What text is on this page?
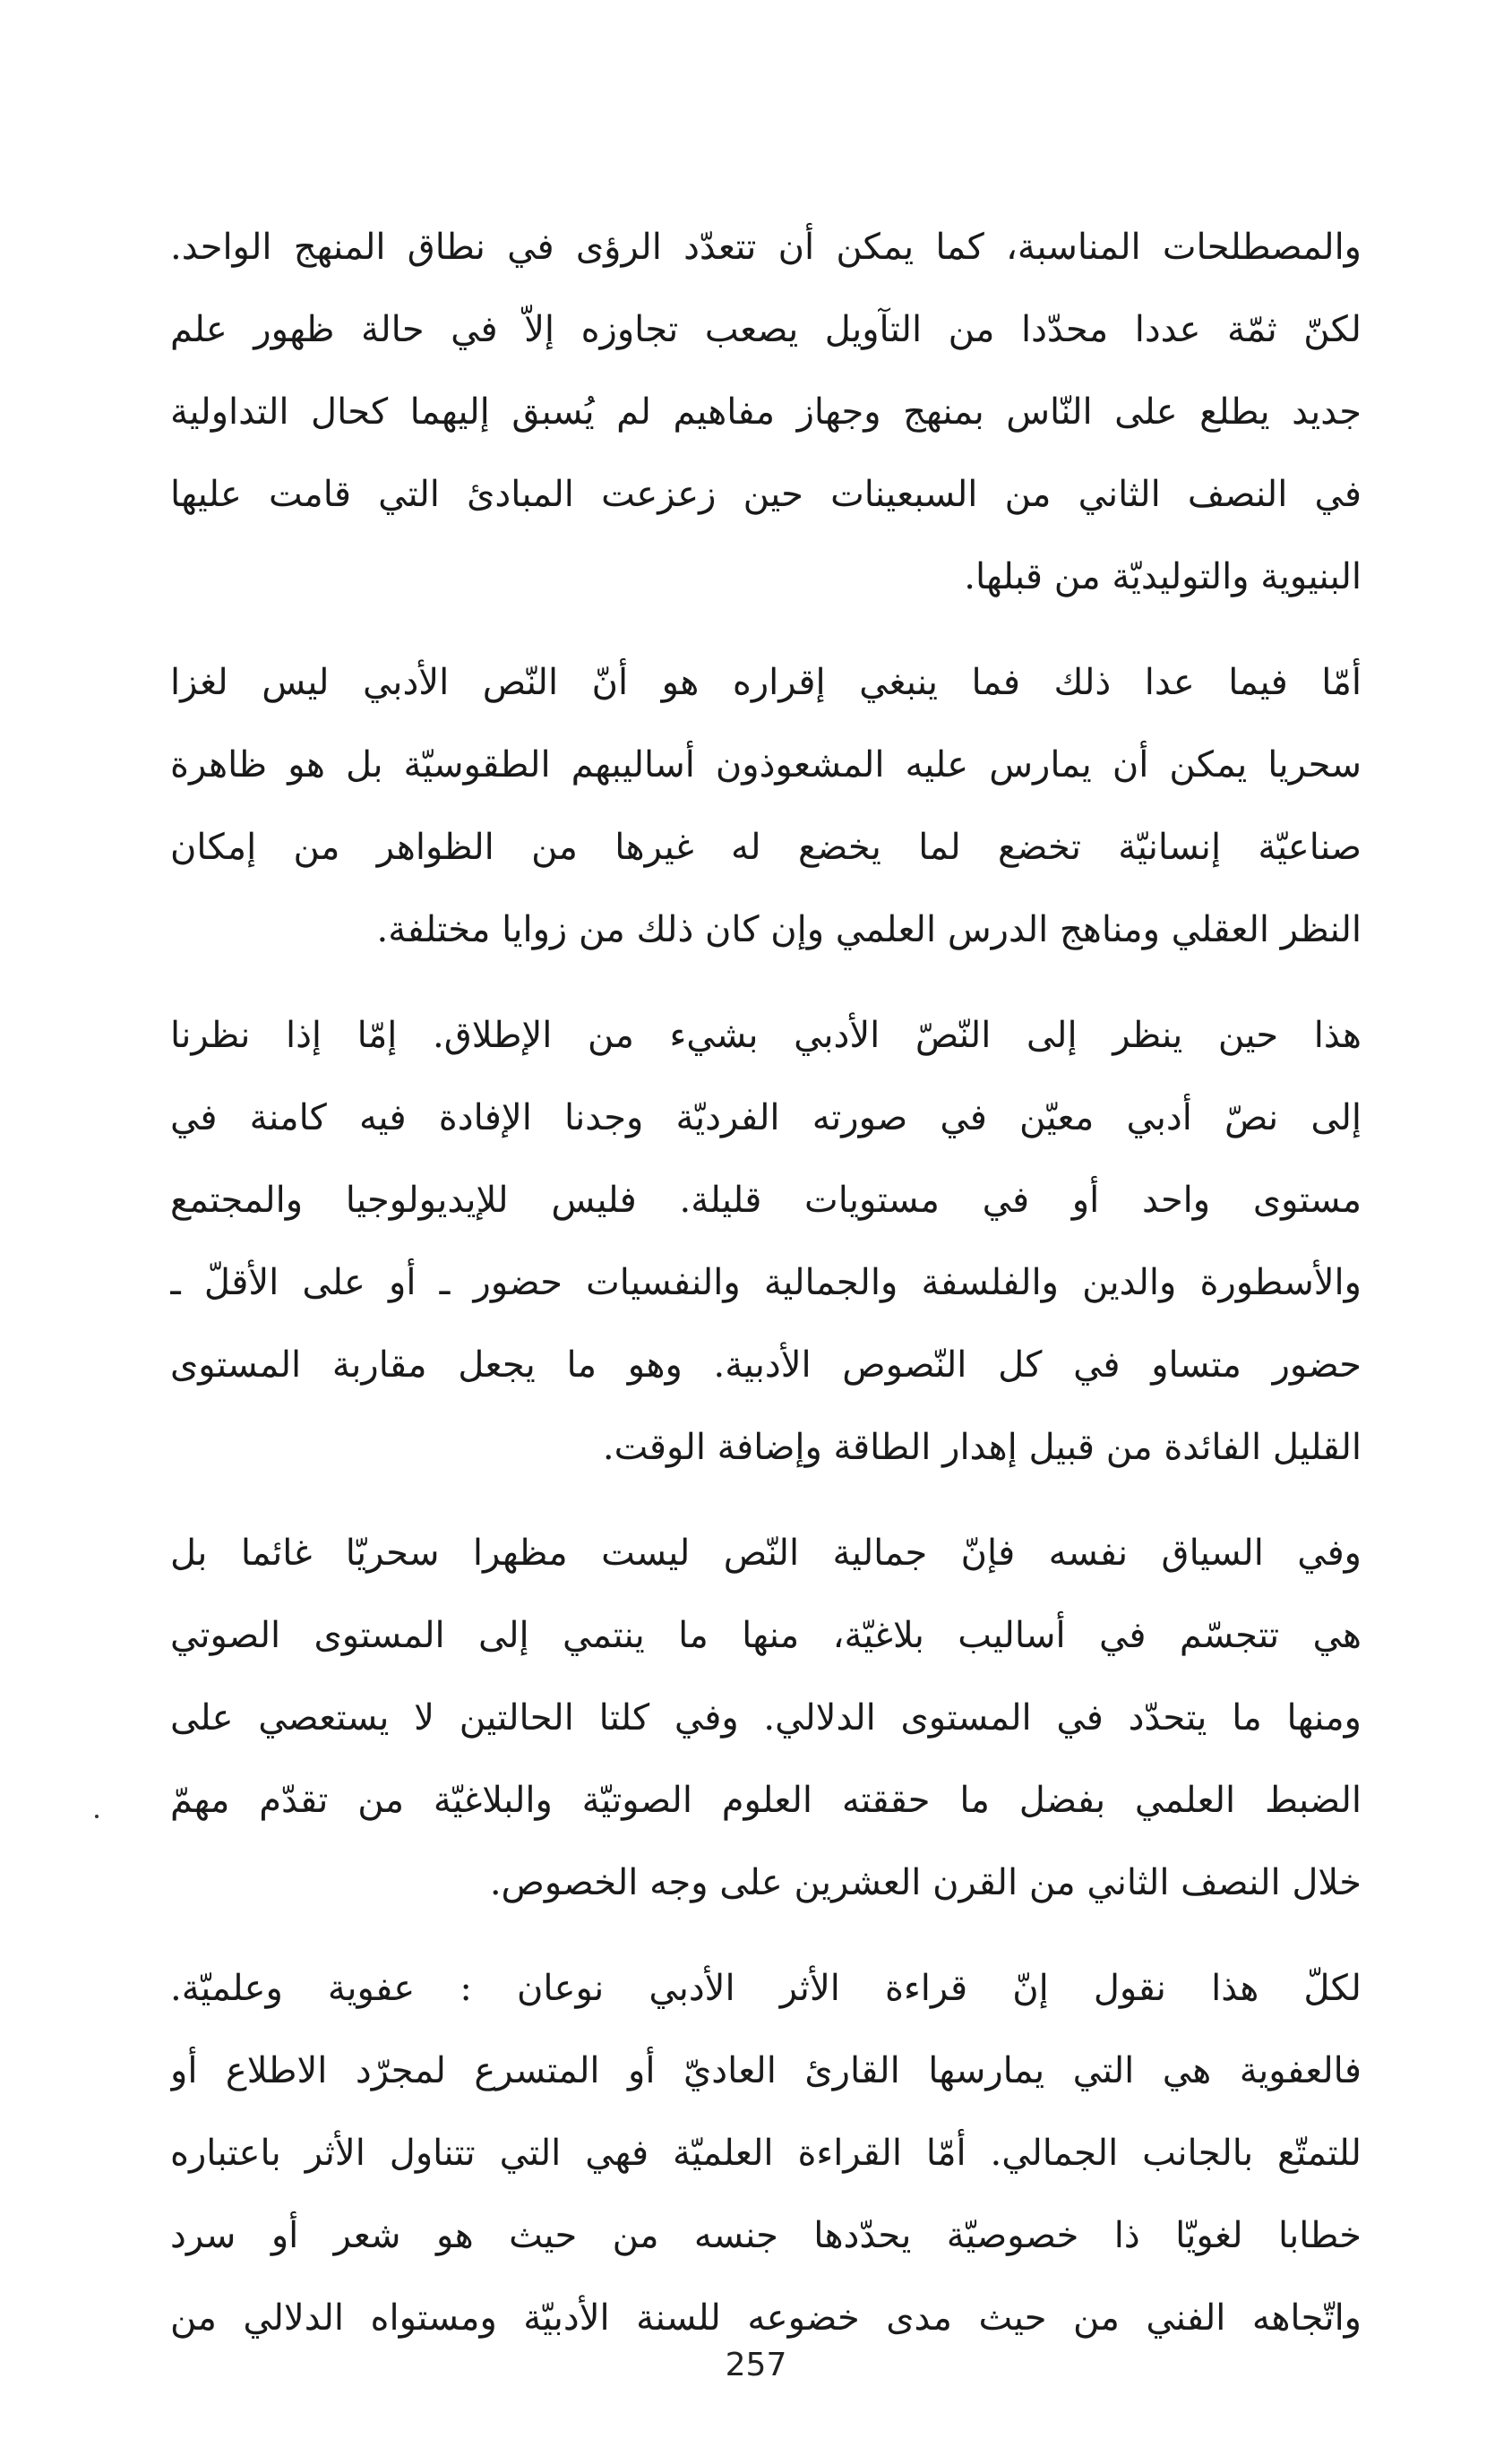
والمصطلحات المناسبة، كما يمكن أن تتعدّد الرؤى في نطاق المنهج الواحد.
لكنّ ثمّة عددا محدّدا من التآويل يصعب تجاوزه إلاّ في حالة ظهور علم
جديد يطلع على النّاس بمنهج وجهاز مفاهيم لم يُسبق إليهما كحال التداولية
في النصف الثاني من السبعينات حين زعزعت المبادئ التي قامت عليها
البنيوية والتوليديّة من قبلها.
أمّا فيما عدا ذلك فما ينبغي إقراره هو أنّ النّص الأدبي ليس لغزا
سحريا يمكن أن يمارس عليه المشعوذون أساليبهم الطقوسيّة بل هو ظاهرة
صناعيّة إنسانيّة تخضع لما يخضع له غيرها من الظواهر من إمكان
النظر العقلي ومناهج الدرس العلمي وإن كان ذلك من زوايا مختلفة.
هذا حين ينظر إلى النّصّ الأدبي بشيء من الإطلاق. إمّا إذا نظرنا
إلى نصّ أدبي معيّن في صورته الفرديّة وجدنا الإفادة فيه كامنة في
مستوى واحد أو في مستويات قليلة. فليس للإيديولوجيا والمجتمع
والأسطورة والدين والفلسفة والجمالية والنفسيات حضور ـ أو على الأقلّ ـ
حضور متساو في كل النّصوص الأدبية. وهو ما يجعل مقاربة المستوى
القليل الفائدة من قبيل إهدار الطاقة وإضافة الوقت.
وفي السياق نفسه فإنّ جمالية النّص ليست مظهرا سحريّا غائما بل
هي تتجسّم في أساليب بلاغيّة، منها ما ينتمي إلى المستوى الصوتي
ومنها ما يتحدّد في المستوى الدلالي. وفي كلتا الحالتين لا يستعصي على
الضبط العلمي بفضل ما حققته العلوم الصوتيّة والبلاغيّة من تقدّم مهمّ
خلال النصف الثاني من القرن العشرين على وجه الخصوص.
لكلّ هذا نقول إنّ قراءة الأثر الأدبي نوعان : عفوية وعلميّة.
فالعفوية هي التي يمارسها القارئ العاديّ أو المتسرع لمجرّد الاطلاع أو
للتمتّع بالجانب الجمالي. أمّا القراءة العلميّة فهي التي تتناول الأثر باعتباره
خطابا لغويّا ذا خصوصيّة يحدّدها جنسه من حيث هو شعر أو سرد
واتّجاهه الفني من حيث مدى خضوعه للسنة الأدبيّة ومستواه الدلالي من
257
